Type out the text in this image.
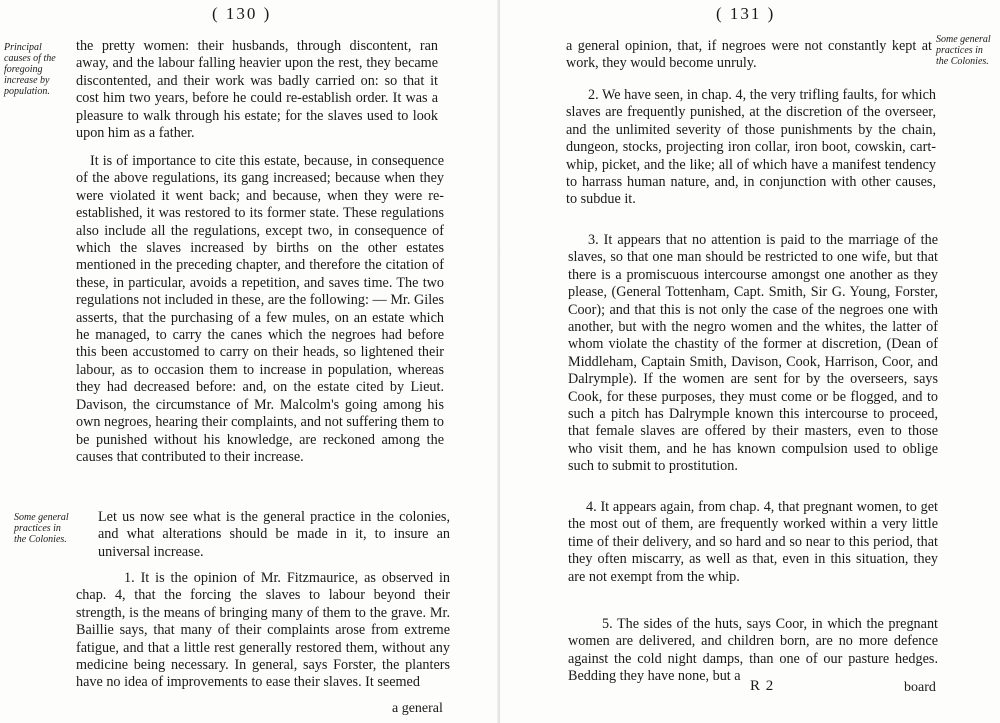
( 130 )
Principal causes of the foregoing increase by population.
Some general practices in the Colonies.

the pretty women: their husbands, through discontent, ran away, and the labour falling heavier upon the rest, they became discontented, and their work was badly carried on: so that it cost him two years, before he could re-establish order. It was a pleasure to walk through his estate; for the slaves used to look upon him as a father.

It is of importance to cite this estate, because, in consequence of the above regulations, its gang increased; because when they were violated it went back; and because, when they were re-established, it was restored to its former state. These regulations also include all the regulations, except two, in consequence of which the slaves increased by births on the other estates mentioned in the preceding chapter, and therefore the citation of these, in particular, avoids a repetition, and saves time. The two regulations not included in these, are the following: — Mr. Giles asserts, that the purchasing of a few mules, on an estate which he managed, to carry the canes which the negroes had before this been accustomed to carry on their heads, so lightened their labour, as to occasion them to increase in population, whereas they had decreased before: and, on the estate cited by Lieut. Davison, the circumstance of Mr. Malcolm's going among his own negroes, hearing their complaints, and not suffering them to be punished without his knowledge, are reckoned among the causes that contributed to their increase.

Let us now see what is the general practice in the colonies, and what alterations should be made in it, to insure an universal increase.

1. It is the opinion of Mr. Fitzmaurice, as observed in chap. 4, that the forcing the slaves to labour beyond their strength, is the means of bringing many of them to the grave. Mr. Baillie says, that many of their complaints arose from extreme fatigue, and that a little rest generally restored them, without any medicine being necessary. In general, says Forster, the planters have no idea of improvements to ease their slaves. It seemed

a general
( 131 )
Some general practices in the Colonies.

a general opinion, that, if negroes were not constantly kept at work, they would become unruly.

2. We have seen, in chap. 4, the very trifling faults, for which slaves are frequently punished, at the discretion of the overseer, and the unlimited severity of those punishments by the chain, dungeon, stocks, projecting iron collar, iron boot, cowskin, cart-whip, picket, and the like; all of which have a manifest tendency to harrass human nature, and, in conjunction with other causes, to subdue it.

3. It appears that no attention is paid to the marriage of the slaves, so that one man should be restricted to one wife, but that there is a promiscuous intercourse amongst one another as they please, (General Tottenham, Capt. Smith, Sir G. Young, Forster, Coor); and that this is not only the case of the negroes one with another, but with the negro women and the whites, the latter of whom violate the chastity of the former at discretion, (Dean of Middleham, Captain Smith, Davison, Cook, Harrison, Coor, and Dalrymple). If the women are sent for by the overseers, says Cook, for these purposes, they must come or be flogged, and to such a pitch has Dalrymple known this intercourse to proceed, that female slaves are offered by their masters, even to those who visit them, and he has known compulsion used to oblige such to submit to prostitution.

4. It appears again, from chap. 4, that pregnant women, to get the most out of them, are frequently worked within a very little time of their delivery, and so hard and so near to this period, that they often miscarry, as well as that, even in this situation, they are not exempt from the whip.

5. The sides of the huts, says Coor, in which the pregnant women are delivered, and children born, are no more defence against the cold night damps, than one of our pasture hedges. Bedding they have none, but a

R 2	board
